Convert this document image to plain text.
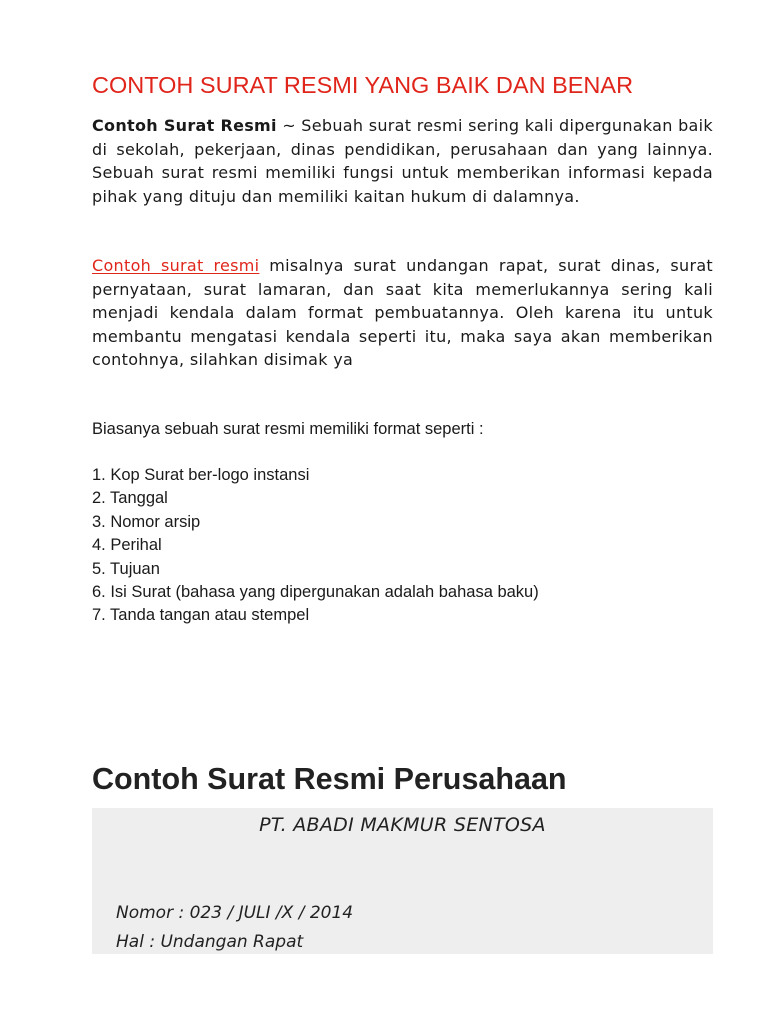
CONTOH SURAT RESMI YANG BAIK DAN BENAR

Contoh Surat Resmi ~ Sebuah surat resmi sering kali dipergunakan baik di sekolah, pekerjaan, dinas pendidikan, perusahaan dan yang lainnya. Sebuah surat resmi memiliki fungsi untuk memberikan informasi kepada pihak yang dituju dan memiliki kaitan hukum di dalamnya.

Contoh surat resmi misalnya surat undangan rapat, surat dinas, surat pernyataan, surat lamaran, dan saat kita memerlukannya sering kali menjadi kendala dalam format pembuatannya. Oleh karena itu untuk membantu mengatasi kendala seperti itu, maka saya akan memberikan contohnya, silahkan disimak ya

Biasanya sebuah surat resmi memiliki format seperti :

1. Kop Surat ber-logo instansi
2. Tanggal
3. Nomor arsip
4. Perihal
5. Tujuan
6. Isi Surat (bahasa yang dipergunakan adalah bahasa baku)
7. Tanda tangan atau stempel
Contoh Surat Resmi Perusahaan
PT. ABADI MAKMUR SENTOSA
Nomor : 023 / JULI /X / 2014
Hal : Undangan Rapat
